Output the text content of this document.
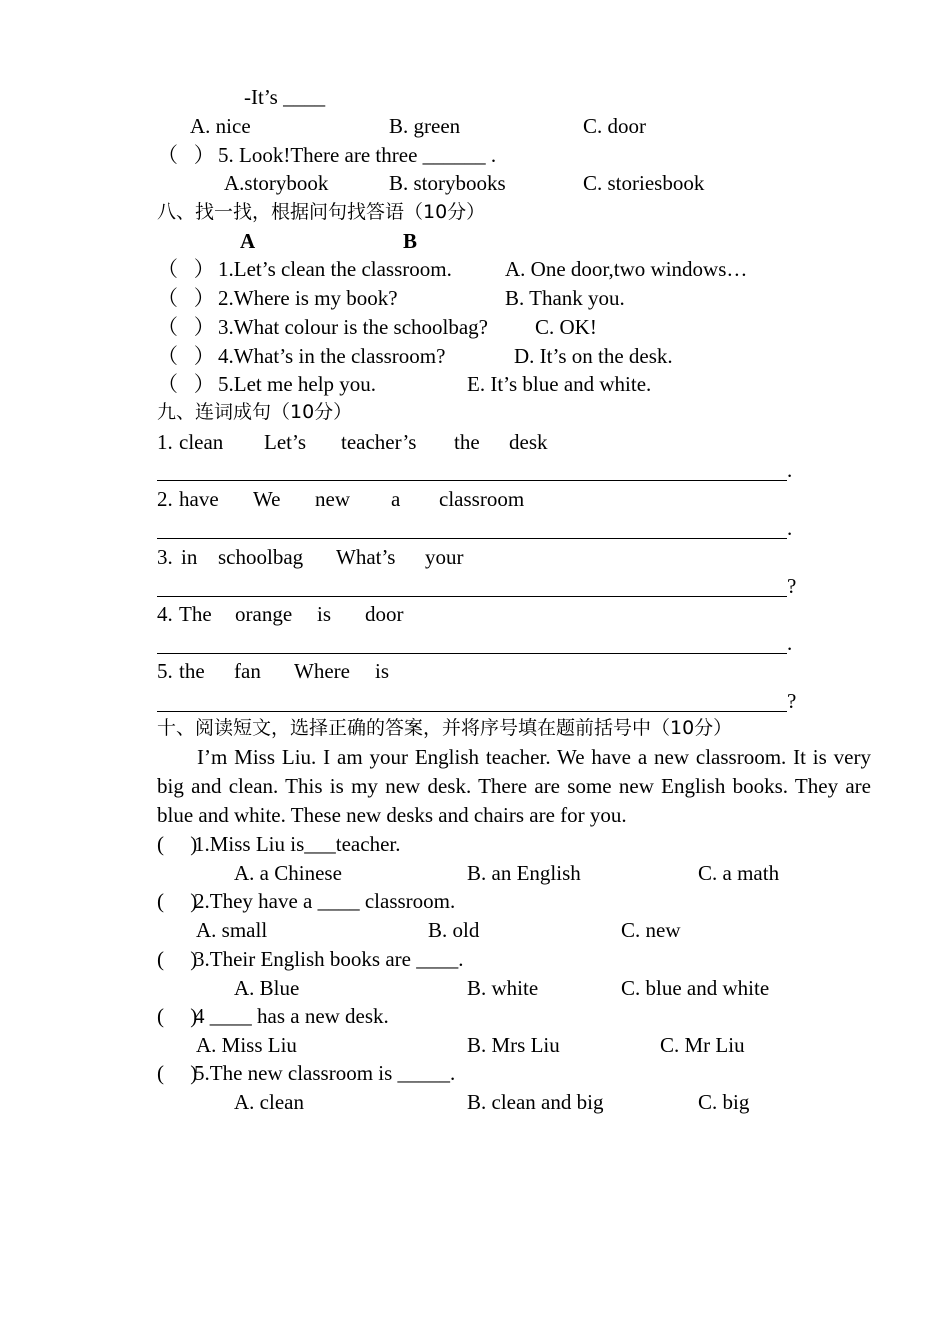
-It’s ____
A. nice	B. green	C. door
（   ） 5. Look!There are three ______ .
A.storybook	B. storybooks	C. storiesbook
八、找一找，根据问句找答语（10分）
A	B
（   ） 1.Let’s clean the classroom.	A. One door,two windows…
（   ） 2.Where is my book?	B. Thank you.
（   ） 3.What colour is the schoolbag? C. OK!
（   ） 4.What’s in the classroom?	D. It’s on the desk.
（   ） 5.Let me help you.	E. It’s blue and white.
九、连词成句（10分）
1. clean Let’s teacher’s the desk
.
2. have We new a classroom
.
3. in schoolbag What’s your
?
4. The orange is door
.
5. the fan Where is
?
十、阅读短文，选择正确的答案，并将序号填在题前括号中（10分）
I’m Miss Liu. I am your English teacher. We have a new classroom. It is very big and clean. This is my new desk. There are some new English books. They are blue and white. These new desks and chairs are for you.
(     )
1.Miss Liu is___teacher.
A. a Chinese	B. an English	C. a math
(     )
2.They have a ____ classroom.
A. small	B. old	C. new
(     )
3.Their English books are ____.
A. Blue	B. white	C. blue and white
(     )
4 ____ has a new desk.
A. Miss Liu	B. Mrs Liu	C. Mr Liu
(     )
5.The new classroom is _____.
A. clean	B. clean and big	C. big
